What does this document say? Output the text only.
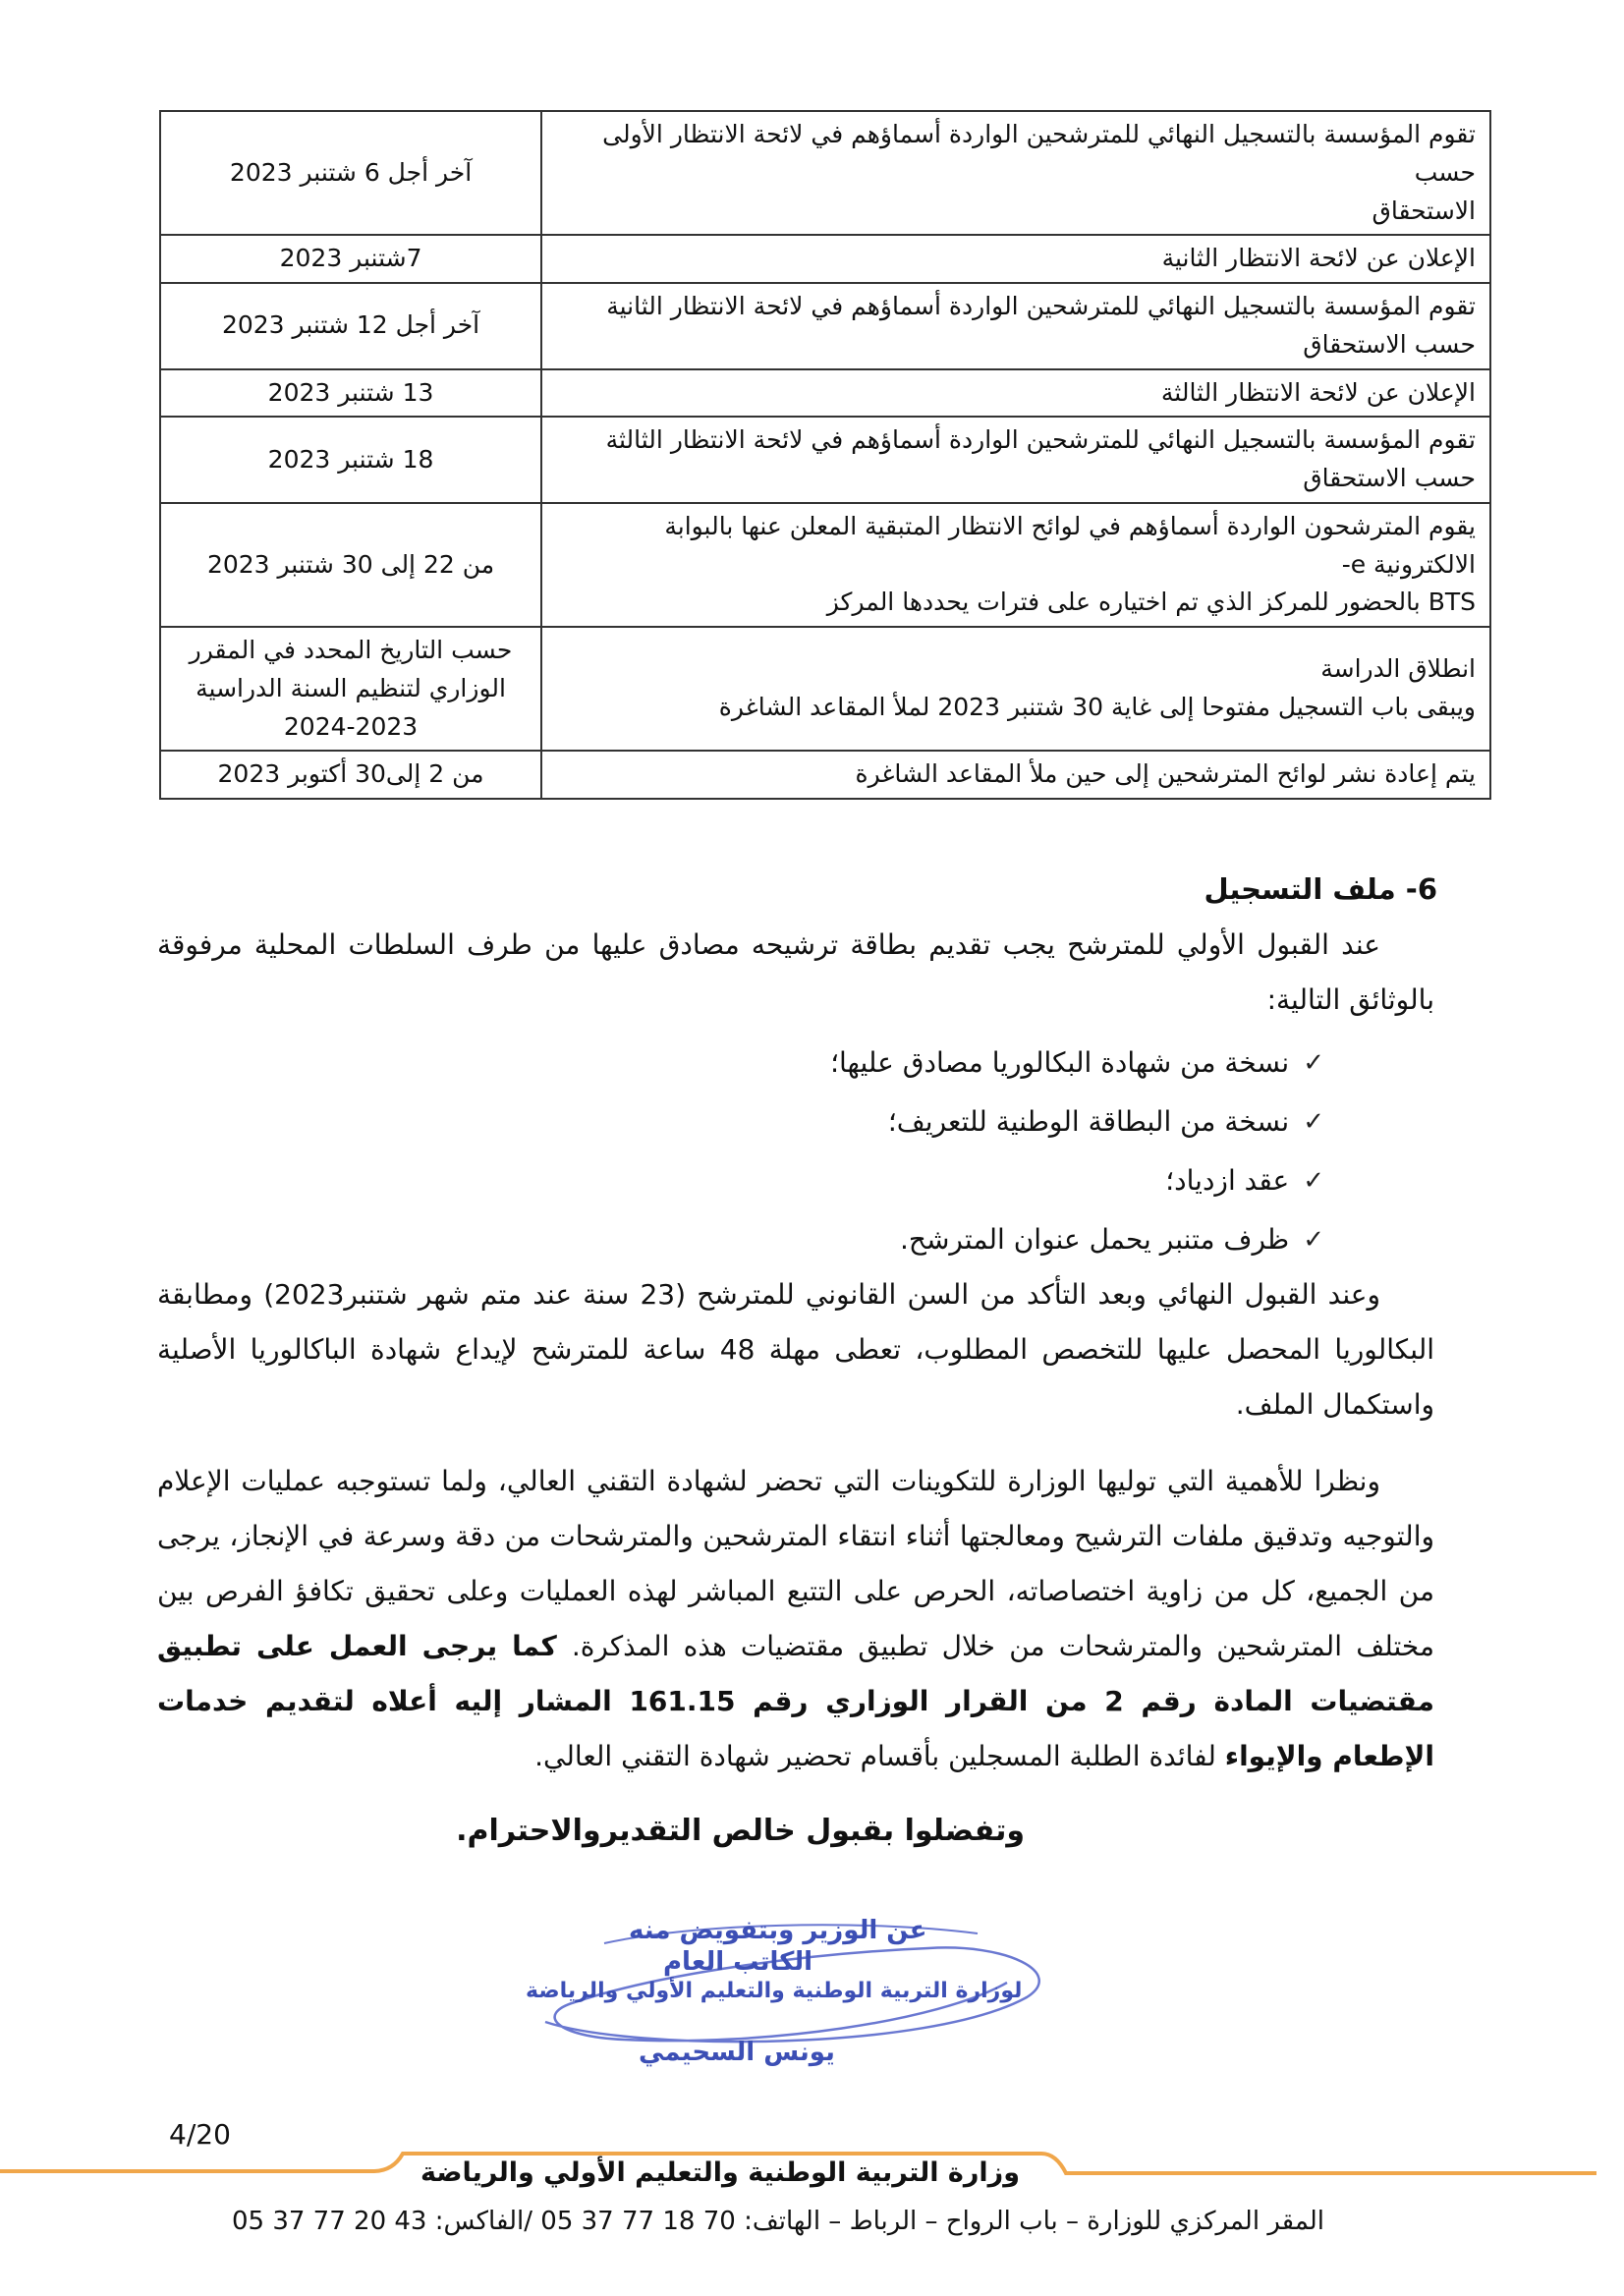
تقوم المؤسسة بالتسجيل النهائي للمترشحين الواردة أسماؤهم في لائحة الانتظار الأولى حسب
الاستحقاق	آخر أجل 6 شتنبر 2023

الإعلان عن لائحة الانتظار الثانية	7شتنبر 2023

تقوم المؤسسة بالتسجيل النهائي للمترشحين الواردة أسماؤهم في لائحة الانتظار الثانية
حسب الاستحقاق	آخر أجل 12 شتنبر 2023

الإعلان عن لائحة الانتظار الثالثة	13 شتنبر 2023

تقوم المؤسسة بالتسجيل النهائي للمترشحين الواردة أسماؤهم في لائحة الانتظار الثالثة حسب الاستحقاق	18 شتنبر 2023

يقوم المترشحون الواردة أسماؤهم في لوائح الانتظار المتبقية المعلن عنها بالبوابة الالكترونية e-
BTS بالحضور للمركز الذي تم اختياره على فترات يحددها المركز	من 22 إلى 30 شتنبر 2023

انطلاق الدراسة
ويبقى باب التسجيل مفتوحا إلى غاية 30 شتنبر 2023 لملأ المقاعد الشاغرة	حسب التاريخ المحدد في المقرر
الوزاري لتنظيم السنة الدراسية
2024-2023

يتم إعادة نشر لوائح المترشحين إلى حين ملأ المقاعد الشاغرة	من 2 إلى30 أكتوبر 2023
6- ملف التسجيل
عند القبول الأولي للمترشح يجب تقديم بطاقة ترشيحه مصادق عليها من طرف السلطات المحلية مرفوقة بالوثائق التالية:
✓
نسخة من شهادة البكالوريا مصادق عليها؛
✓
نسخة من البطاقة الوطنية للتعريف؛
✓
عقد ازدياد؛
✓
ظرف متنبر يحمل عنوان المترشح.
وعند القبول النهائي وبعد التأكد من السن القانوني للمترشح (23 سنة عند متم شهر شتنبر2023) ومطابقة البكالوريا المحصل عليها للتخصص المطلوب، تعطى مهلة 48 ساعة للمترشح لإيداع شهادة الباكالوريا الأصلية واستكمال الملف.
ونظرا للأهمية التي توليها الوزارة للتكوينات التي تحضر لشهادة التقني العالي، ولما تستوجبه عمليات الإعلام والتوجيه وتدقيق ملفات الترشيح ومعالجتها أثناء انتقاء المترشحين والمترشحات من دقة وسرعة في الإنجاز، يرجى من الجميع، كل من زاوية اختصاصاته، الحرص على التتبع المباشر لهذه العمليات وعلى تحقيق تكافؤ الفرص بين مختلف المترشحين والمترشحات من خلال تطبيق مقتضيات هذه المذكرة. كما يرجى العمل على تطبيق مقتضيات المادة رقم 2 من القرار الوزاري رقم 161.15 المشار إليه أعلاه لتقديم خدمات الإطعام والإيواء لفائدة الطلبة المسجلين بأقسام تحضير شهادة التقني العالي.
وتفضلوا بقبول خالص التقديروالاحترام.
عن الوزير وبتفويض منه
الكاتب العام
لوزارة التربية الوطنية والتعليم الأولي والرياضة
يونس السحيمي
4/20
وزارة التربية الوطنية والتعليم الأولي والرياضة
المقر المركزي للوزارة – باب الرواح – الرباط – الهاتف: 70 18 77 37 05 /الفاكس: 43 20 77 37 05
